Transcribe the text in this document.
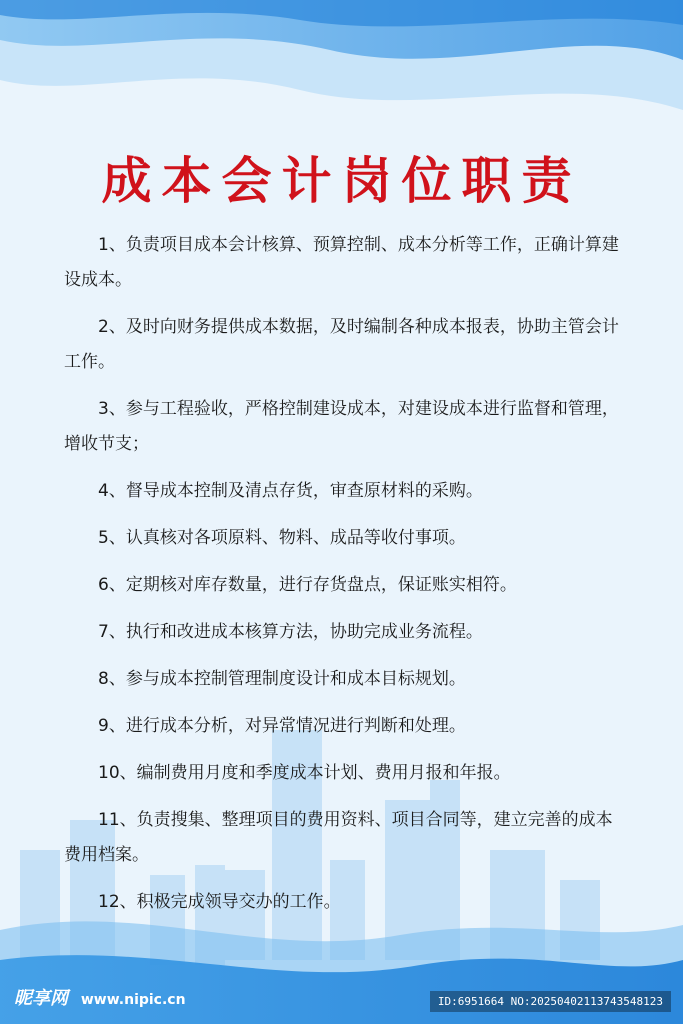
成本会计岗位职责

1、负责项目成本会计核算、预算控制、成本分析等工作，正确计算建设成本。

2、及时向财务提供成本数据，及时编制各种成本报表，协助主管会计工作。

3、参与工程验收，严格控制建设成本，对建设成本进行监督和管理，增收节支；

4、督导成本控制及清点存货，审查原材料的采购。

5、认真核对各项原料、物料、成品等收付事项。

6、定期核对库存数量，进行存货盘点，保证账实相符。

7、执行和改进成本核算方法，协助完成业务流程。

8、参与成本控制管理制度设计和成本目标规划。

9、进行成本分析，对异常情况进行判断和处理。

10、编制费用月度和季度成本计划、费用月报和年报。

11、负责搜集、整理项目的费用资料、项目合同等，建立完善的成本费用档案。

12、积极完成领导交办的工作。

昵享网 www.nipic.cn	ID:6951664 NO:20250402113743548123
